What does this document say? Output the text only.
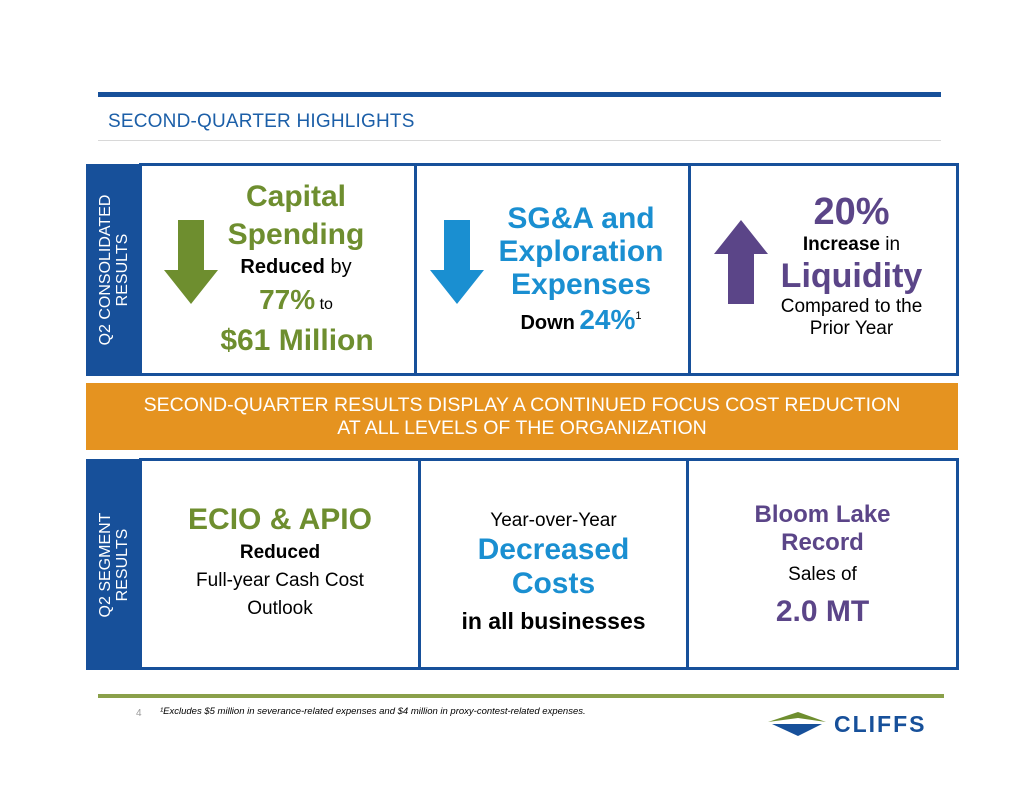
SECOND-QUARTER HIGHLIGHTS
Q2 CONSOLIDATED RESULTS
Capital
Spending
Reduced by
77% to
$61 Million
SG&A and
Exploration
Expenses
Down 24%$^1$
20%
Increase in
Liquidity
Compared to the
Prior Year
SECOND-QUARTER RESULTS DISPLAY A CONTINUED FOCUS COST REDUCTION
AT ALL LEVELS OF THE ORGANIZATION
Q2 SEGMENT RESULTS
ECIO & APIO
Reduced
Full-year Cash Cost
Outlook
Year-over-Year
Decreased
Costs
in all businesses
Bloom Lake
Record
Sales of
2.0 MT
4 ¹Excludes $5 million in severance-related expenses and $4 million in proxy-contest-related expenses.	CLIFFS
